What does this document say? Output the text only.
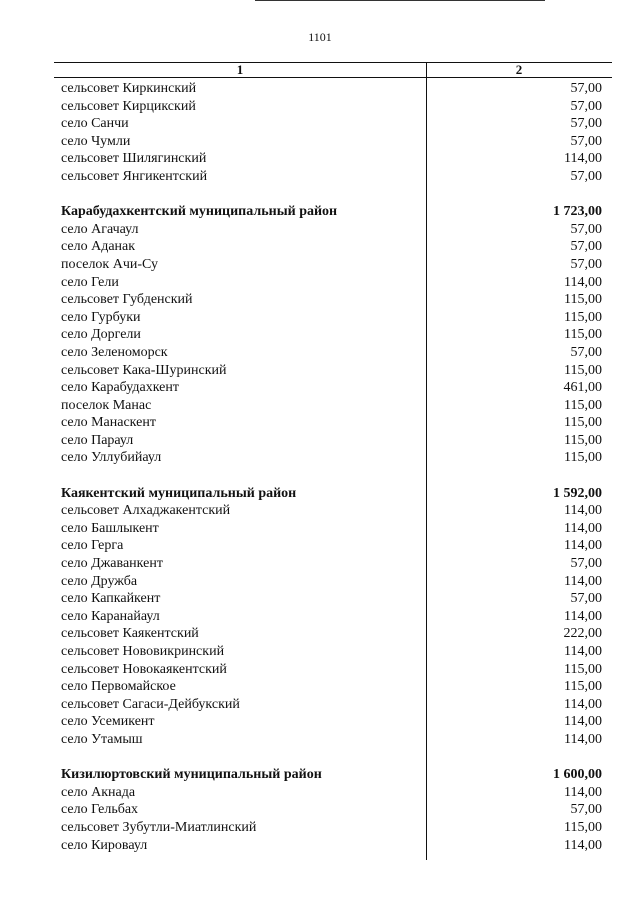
1101
1	2
сельсовет Киркинский	57,00
сельсовет Кирцикский	57,00
село Санчи	57,00
село Чумли	57,00
сельсовет Шилягинский	114,00
сельсовет Янгикентский	57,00
Карабудахкентский муниципальный район	1 723,00
село Агачаул	57,00
село Аданак	57,00
поселок Ачи-Су	57,00
село Гели	114,00
сельсовет Губденский	115,00
село Гурбуки	115,00
село Доргели	115,00
село Зеленоморск	57,00
сельсовет Кака-Шуринский	115,00
село Карабудахкент	461,00
поселок Манас	115,00
село Манаскент	115,00
село Параул	115,00
село Уллубийаул	115,00
Каякентский муниципальный район	1 592,00
сельсовет Алхаджакентский	114,00
село Башлыкент	114,00
село Герга	114,00
село Джаванкент	57,00
село Дружба	114,00
село Капкайкент	57,00
село Каранайаул	114,00
сельсовет Каякентский	222,00
сельсовет Нововикринский	114,00
сельсовет Новокаякентский	115,00
село Первомайское	115,00
сельсовет Сагаси-Дейбукский	114,00
село Усемикент	114,00
село Утамыш	114,00
Кизилюртовский муниципальный район	1 600,00
село Акнада	114,00
село Гельбах	57,00
сельсовет Зубутли-Миатлинский	115,00
село Кироваул	114,00
